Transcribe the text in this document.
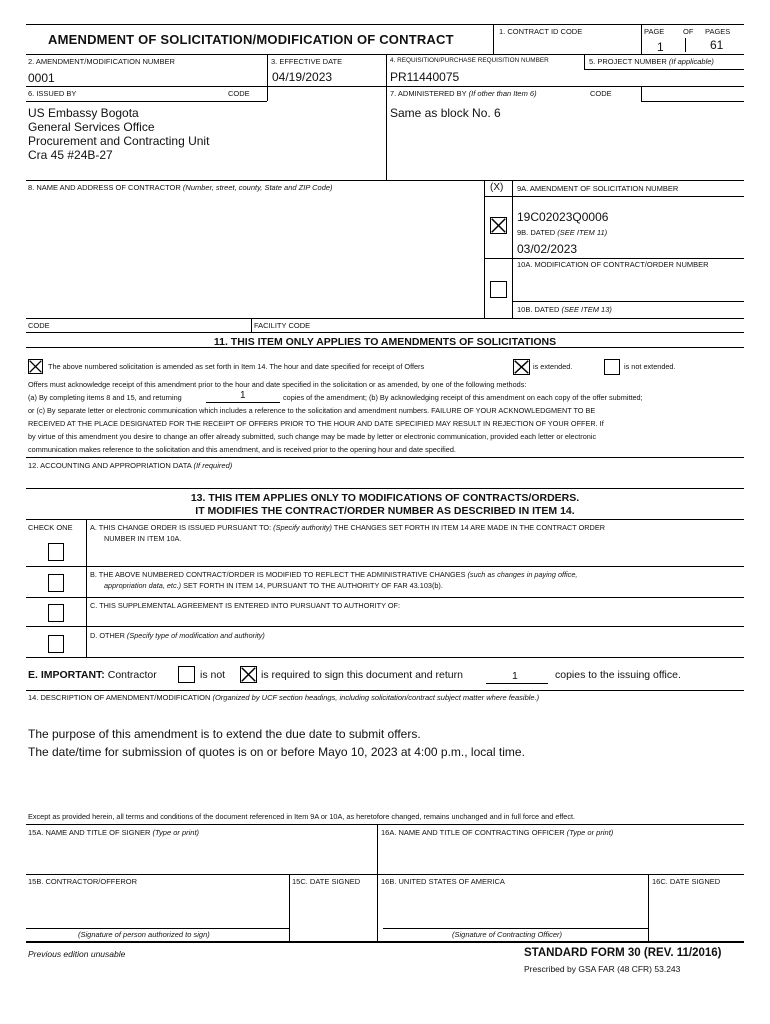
AMENDMENT OF SOLICITATION/MODIFICATION OF CONTRACT
1. CONTRACT ID CODE	PAGE OF PAGES
1	61
2. AMENDMENT/MODIFICATION NUMBER
0001
3. EFFECTIVE DATE
04/19/2023
4. REQUISITION/PURCHASE REQUISITION NUMBER
PR11440075
5. PROJECT NUMBER (If applicable)
6. ISSUED BY	CODE
US Embassy Bogota
General Services Office
Procurement and Contracting Unit
Cra 45 #24B-27
7. ADMINISTERED BY (If other than Item 6)	CODE
Same as block No. 6
8. NAME AND ADDRESS OF CONTRACTOR (Number, street, county, State and ZIP Code)	(X)
CODE	FACILITY CODE
9A. AMENDMENT OF SOLICITATION NUMBER
19C02023Q0006
9B. DATED (SEE ITEM 11)
03/02/2023
10A. MODIFICATION OF CONTRACT/ORDER NUMBER
10B. DATED (SEE ITEM 13)
11. THIS ITEM ONLY APPLIES TO AMENDMENTS OF SOLICITATIONS
The above numbered solicitation is amended as set forth in Item 14. The hour and date specified for receipt of Offers	is extended.	is not extended.
Offers must acknowledge receipt of this amendment prior to the hour and date specified in the solicitation or as amended, by one of the following methods:
(a) By completing items 8 and 15, and returning	1	copies of the amendment; (b) By acknowledging receipt of this amendment on each copy of the offer submitted;
or (c) By separate letter or electronic communication which includes a reference to the solicitation and amendment numbers. FAILURE OF YOUR ACKNOWLEDGMENT TO BE
RECEIVED AT THE PLACE DESIGNATED FOR THE RECEIPT OF OFFERS PRIOR TO THE HOUR AND DATE SPECIFIED MAY RESULT IN REJECTION OF YOUR OFFER. If
by virtue of this amendment you desire to change an offer already submitted, such change may be made by letter or electronic communication, provided each letter or electronic
communication makes reference to the solicitation and this amendment, and is received prior to the opening hour and date specified.
12. ACCOUNTING AND APPROPRIATION DATA (If required)
13. THIS ITEM APPLIES ONLY TO MODIFICATIONS OF CONTRACTS/ORDERS.
IT MODIFIES THE CONTRACT/ORDER NUMBER AS DESCRIBED IN ITEM 14.
CHECK ONE A. THIS CHANGE ORDER IS ISSUED PURSUANT TO: (Specify authority) THE CHANGES SET FORTH IN ITEM 14 ARE MADE IN THE CONTRACT ORDER
NUMBER IN ITEM 10A.
B. THE ABOVE NUMBERED CONTRACT/ORDER IS MODIFIED TO REFLECT THE ADMINISTRATIVE CHANGES (such as changes in paying office,
appropriation data, etc.) SET FORTH IN ITEM 14, PURSUANT TO THE AUTHORITY OF FAR 43.103(b).
C. THIS SUPPLEMENTAL AGREEMENT IS ENTERED INTO PURSUANT TO AUTHORITY OF:
D. OTHER (Specify type of modification and authority)
E. IMPORTANT: Contractor	is not	is required to sign this document and return	1	copies to the issuing office.
14. DESCRIPTION OF AMENDMENT/MODIFICATION (Organized by UCF section headings, including solicitation/contract subject matter where feasible.)
The purpose of this amendment is to extend the due date to submit offers.
The date/time for submission of quotes is on or before Mayo 10, 2023 at 4:00 p.m., local time.
Except as provided herein, all terms and conditions of the document referenced in Item 9A or 10A, as heretofore changed, remains unchanged and in full force and effect.
15A. NAME AND TITLE OF SIGNER (Type or print)	16A. NAME AND TITLE OF CONTRACTING OFFICER (Type or print)
15B. CONTRACTOR/OFFEROR	15C. DATE SIGNED	16B. UNITED STATES OF AMERICA	16C. DATE SIGNED
(Signature of person authorized to sign)	(Signature of Contracting Officer)
Previous edition unusable	STANDARD FORM 30 (REV. 11/2016)
Prescribed by GSA FAR (48 CFR) 53.243
